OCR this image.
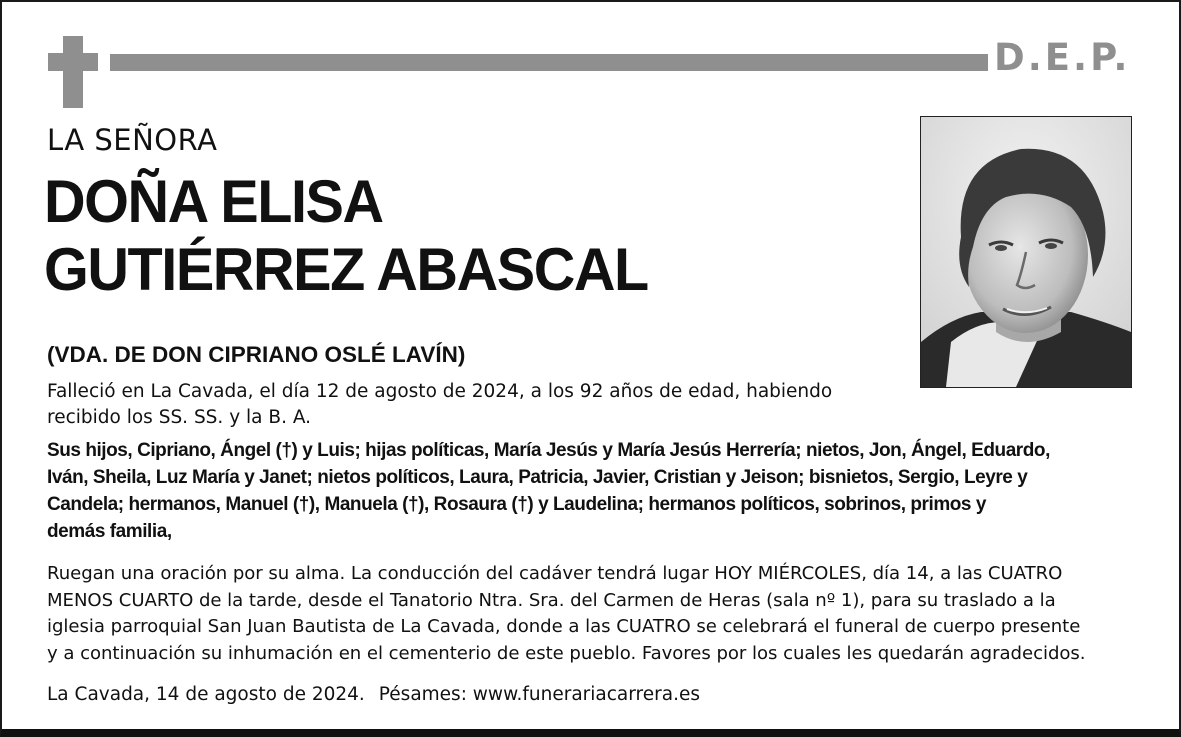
D.E.P.
LA SEÑORA
DOÑA ELISA
GUTIÉRREZ ABASCAL
(VDA. DE DON CIPRIANO OSLÉ LAVÍN)
Falleció en La Cavada, el día 12 de agosto de 2024, a los 92 años de edad, habiendo
recibido los SS. SS. y la B. A.
Sus hijos, Cipriano, Ángel (†) y Luis; hijas políticas, María Jesús y María Jesús Herrería; nietos, Jon, Ángel, Eduardo,
Iván, Sheila, Luz María y Janet; nietos políticos, Laura, Patricia, Javier, Cristian y Jeison; bisnietos, Sergio, Leyre y
Candela; hermanos, Manuel (†), Manuela (†), Rosaura (†) y Laudelina; hermanos políticos, sobrinos, primos y
demás familia,
Ruegan una oración por su alma. La conducción del cadáver tendrá lugar HOY MIÉRCOLES, día 14, a las CUATRO
MENOS CUARTO de la tarde, desde el Tanatorio Ntra. Sra. del Carmen de Heras (sala nº 1), para su traslado a la
iglesia parroquial San Juan Bautista de La Cavada, donde a las CUATRO se celebrará el funeral de cuerpo presente
y a continuación su inhumación en el cementerio de este pueblo. Favores por los cuales les quedarán agradecidos.
La Cavada, 14 de agosto de 2024. Pésames: www.funerariacarrera.es
